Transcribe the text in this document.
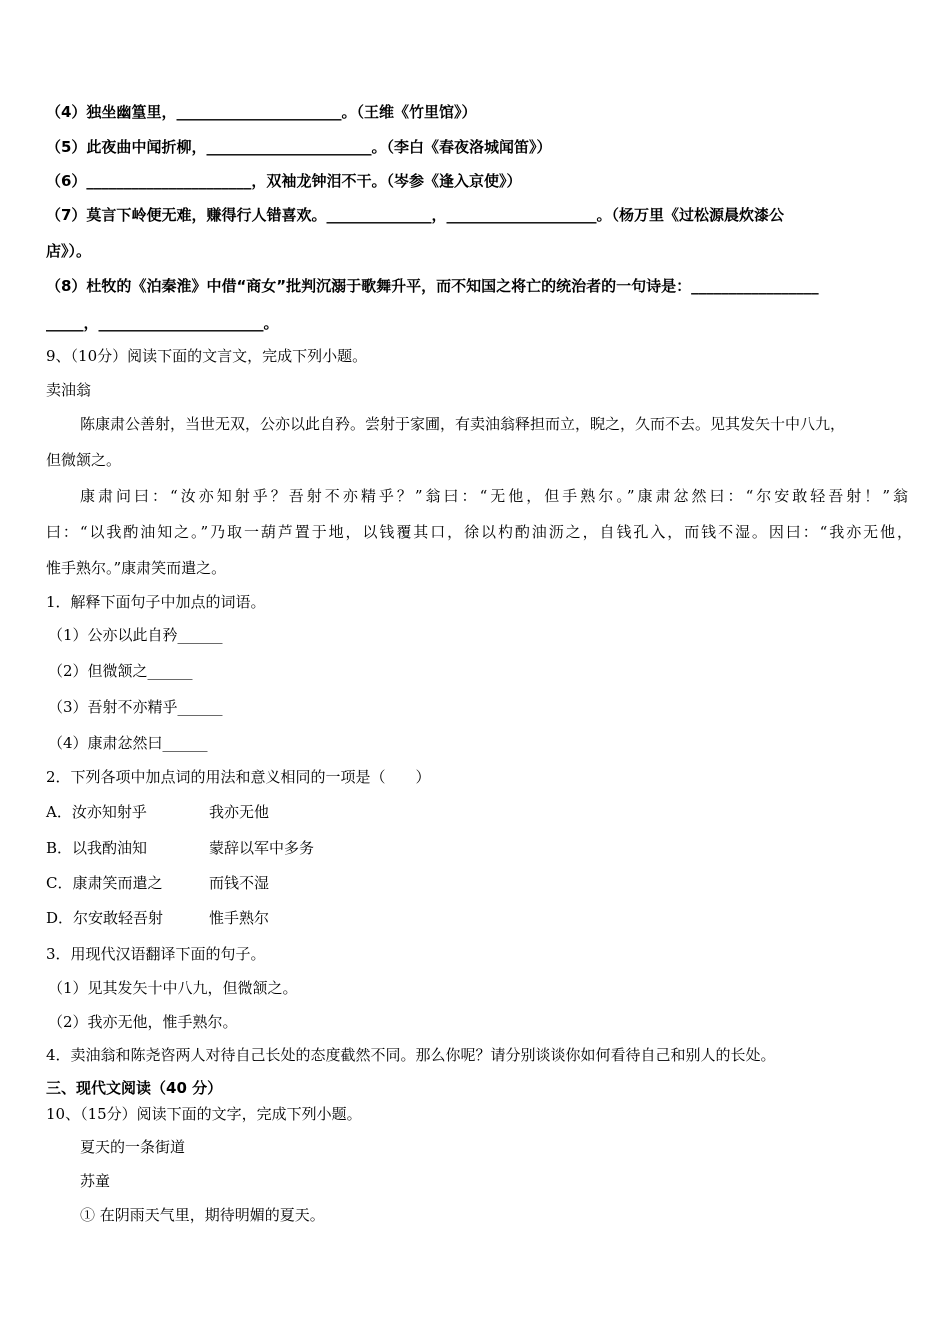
（4）独坐幽篁里，______________________。（王维《竹里馆》）
（5）此夜曲中闻折柳，______________________。（李白《春夜洛城闻笛》）
（6）______________________，双袖龙钟泪不干。（岑参《逢入京使》）
（7）莫言下岭便无难，赚得行人错喜欢。______________，____________________。（杨万里《过松源晨炊漆公
店》）。
（8）杜牧的《泊秦淮》中借“商女”批判沉溺于歌舞升平，而不知国之将亡的统治者的一句诗是：_________________
_____，______________________。
9、（10分）阅读下面的文言文，完成下列小题。
卖油翁
陈康肃公善射，当世无双，公亦以此自矜。尝射于家圃，有卖油翁释担而立，睨之，久而不去。见其发矢十中八九，
但微颔之。
康肃问曰：“汝亦知射乎？吾射不亦精乎？”翁曰：“无他，但手熟尔。”康肃忿然曰：“尔安敢轻吾射！”翁
曰：“以我酌油知之。”乃取一葫芦置于地，以钱覆其口，徐以杓酌油沥之，自钱孔入，而钱不湿。因曰：“我亦无他，
惟手熟尔。”康肃笑而遣之。
1．解释下面句子中加点的词语。
（1）公亦以此自矜______
（2）但微颔之______
（3）吾射不亦精乎______
（4）康肃忿然曰______
2．下列各项中加点词的用法和意义相同的一项是（　　）
A．汝亦知射乎	我亦无他
B．以我酌油知	蒙辞以军中多务
C．康肃笑而遣之	而钱不湿
D．尔安敢轻吾射	惟手熟尔
3．用现代汉语翻译下面的句子。
（1）见其发矢十中八九，但微颔之。
（2）我亦无他，惟手熟尔。
4．卖油翁和陈尧咨两人对待自己长处的态度截然不同。那么你呢？请分别谈谈你如何看待自己和别人的长处。
三、现代文阅读（40 分）
10、（15分）阅读下面的文字，完成下列小题。
夏天的一条街道
苏童
① 在阴雨天气里，期待明媚的夏天。
